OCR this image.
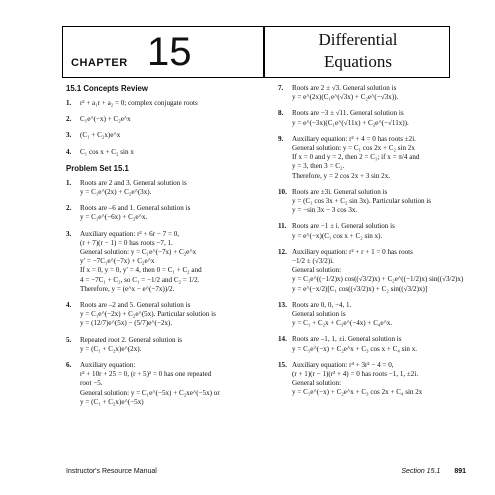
CHAPTER 15	Differential
Equations
15.1 Concepts Review
1.	r² + a₁r + a₂ = 0; complex conjugate roots
2.	C₁e^(−x) + C₂e^x
3.	(C₁ + C₂x)e^x
4.	C₁ cos x + C₂ sin x
Problem Set 15.1
1.	Roots are 2 and 3. General solution is
y = C₁e^(2x) + C₂e^(3x).
2.	Roots are –6 and 1. General solution is
y = C₁e^(−6x) + C₂e^x.
3.	Auxiliary equation: r² + 6r − 7 = 0,
(r + 7)(r − 1) = 0 has roots −7, 1.
General solution: y = C₁e^(−7x) + C₂e^x
y′ = −7C₁e^(−7x) + C₂e^x
If x = 0, y = 0, y′ = 4, then 0 = C₁ + C₂ and
4 = −7C₁ + C₂, so C₁ = −1/2 and C₂ = 1/2.
Therefore, y = (e^x − e^(−7x))/2.
4.	Roots are –2 and 5. General solution is
y = C₁e^(−2x) + C₂e^(5x). Particular solution is
y = (12/7)e^(5x) − (5/7)e^(−2x).
5.	Repeated root 2. General solution is
y = (C₁ + C₂x)e^(2x).
6.	Auxiliary equation:
r² + 10r + 25 = 0, (r + 5)² = 0 has one repeated
root −5.
General solution: y = C₁e^(−5x) + C₂xe^(−5x) or
y = (C₁ + C₂x)e^(−5x)
7.	Roots are 2 ± √3. General solution is
y = e^(2x)(C₁e^(√3x) + C₂e^(−√3x)).
8.	Roots are −3 ± √11. General solution is
y = e^(−3x)(C₁e^(√11x) + C₂e^(−√11x)).
9.	Auxiliary equation: r² + 4 = 0 has roots ±2i.
General solution: y = C₁ cos 2x + C₂ sin 2x
If x = 0 and y = 2, then 2 = C₁; if x = π/4 and
y = 3, then 3 = C₂.
Therefore, y = 2 cos 2x + 3 sin 2x.
10. Roots are ±3i. General solution is
y = (C₁ cos 3x + C₂ sin 3x). Particular solution is
y = −sin 3x − 3 cos 3x.
11. Roots are −1 ± i. General solution is
y = e^(−x)(C₁ cos x + C₂ sin x).
12. Auxiliary equation: r² + r + 1 = 0 has roots
−1/2 ± (√3/2)i.
General solution:
y = C₁e^((−1/2)x) cos((√3/2)x) + C₂e^((−1/2)x) sin((√3/2)x)
y = e^(−x/2)[C₁ cos((√3/2)x) + C₂ sin((√3/2)x)]
13. Roots are 0, 0, −4, 1.
General solution is
y = C₁ + C₂x + C₃e^(−4x) + C₄e^x.
14. Roots are –1, 1, ±i. General solution is
y = C₁e^(−x) + C₂e^x + C₃ cos x + C₄ sin x.
15. Auxiliary equation: r⁴ + 3r² − 4 = 0,
(r + 1)(r − 1)(r² + 4) = 0 has roots −1, 1, ±2i.
General solution:
y = C₁e^(−x) + C₂e^x + C₃ cos 2x + C₄ sin 2x
Instructor's Resource Manual	Section 15.1 891
